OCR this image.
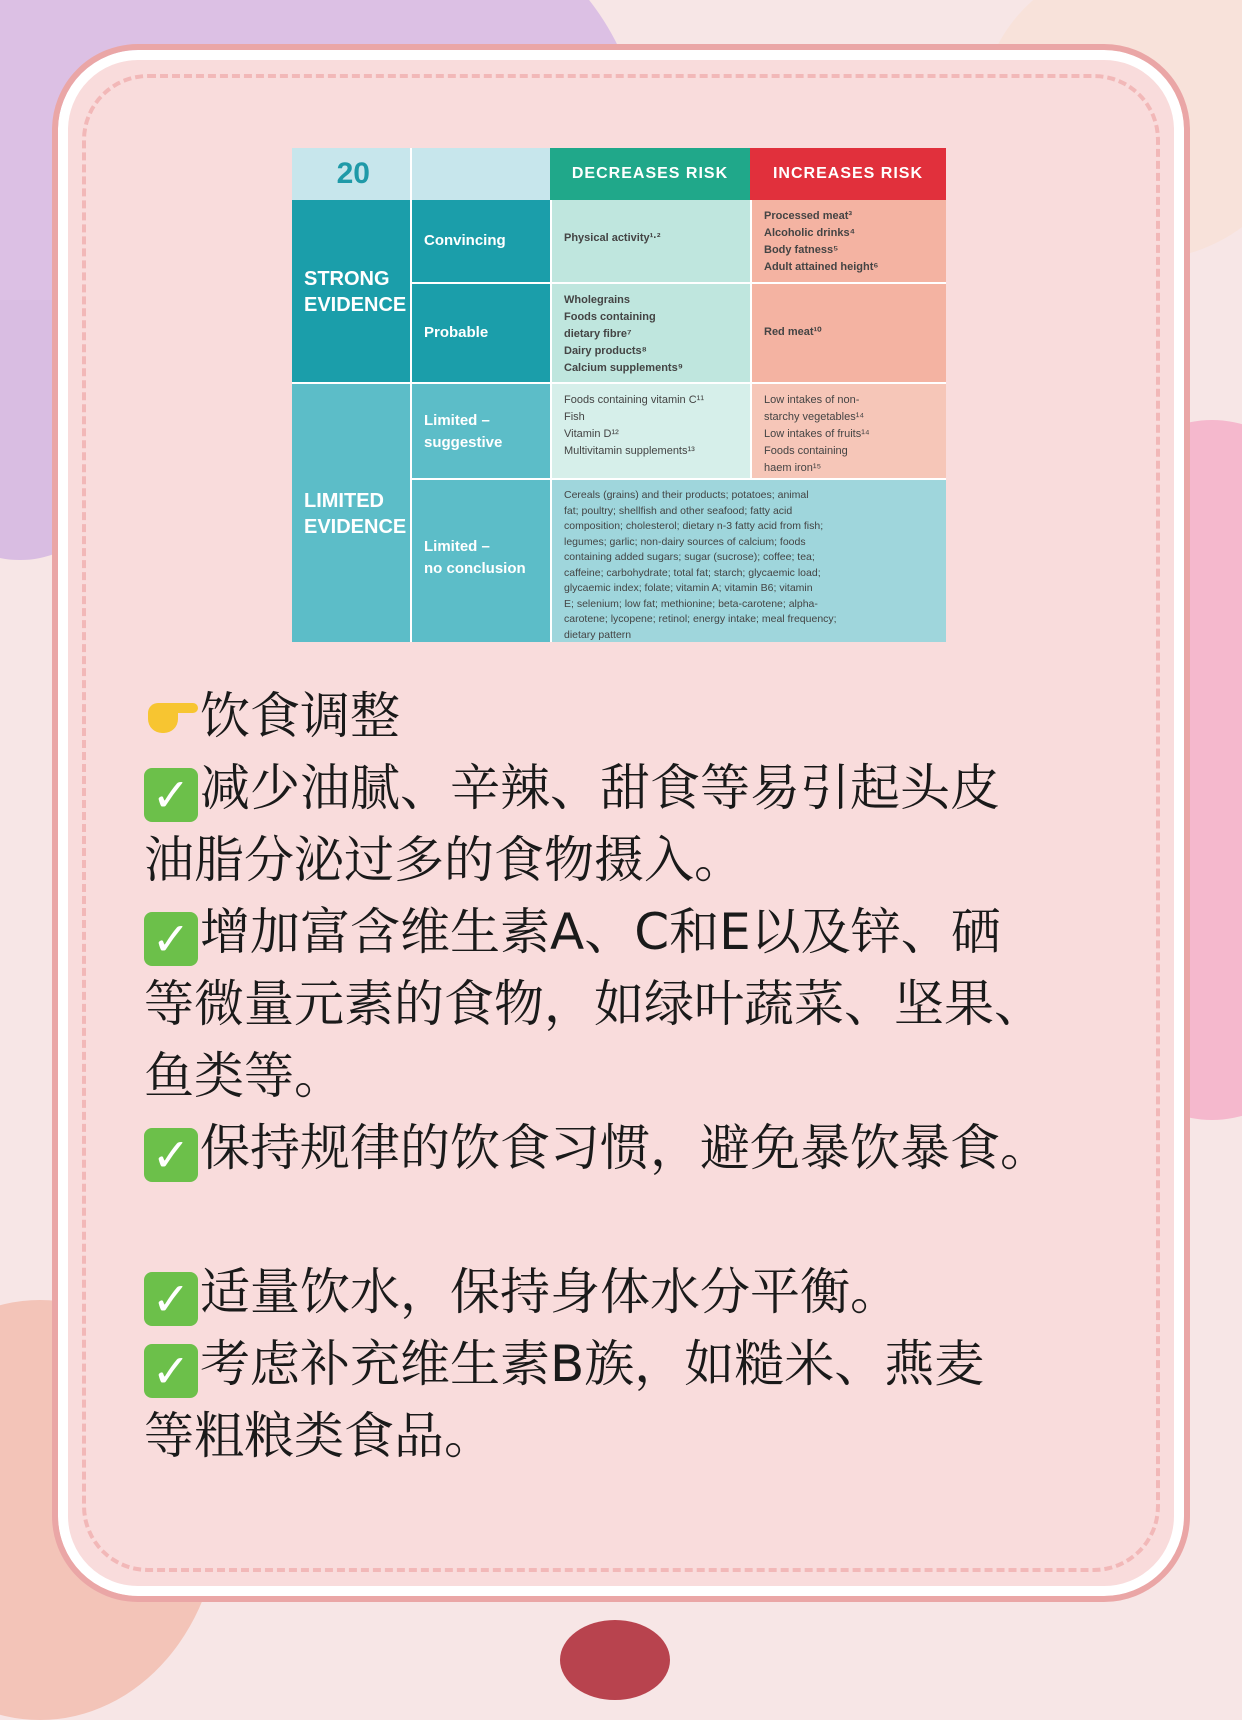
20	DECREASES RISK	INCREASES RISK
STRONG
EVIDENCE
LIMITED
EVIDENCE
Convincing
Probable
Limited –
suggestive
Limited –
no conclusion
Physical activity¹·²
Processed meat³
Alcoholic drinks⁴
Body fatness⁵
Adult attained height⁶
Wholegrains
Foods containing
dietary fibre⁷
Dairy products⁸
Calcium supplements⁹
Red meat¹⁰
Foods containing vitamin C¹¹
Fish
Vitamin D¹²
Multivitamin supplements¹³
Low intakes of non-
starchy vegetables¹⁴
Low intakes of fruits¹⁴
Foods containing
haem iron¹⁵
Cereals (grains) and their products; potatoes; animal
fat; poultry; shellfish and other seafood; fatty acid
composition; cholesterol; dietary n-3 fatty acid from fish;
legumes; garlic; non-dairy sources of calcium; foods
containing added sugars; sugar (sucrose); coffee; tea;
caffeine; carbohydrate; total fat; starch; glycaemic load;
glycaemic index; folate; vitamin A; vitamin B6; vitamin
E; selenium; low fat; methionine; beta-carotene; alpha-
carotene; lycopene; retinol; energy intake; meal frequency;
dietary pattern
饮食调整
✓ 减少油腻、辛辣、甜食等易引起头皮
油脂分泌过多的食物摄入。
✓ 增加富含维生素A、C和E以及锌、硒
等微量元素的食物，如绿叶蔬菜、坚果、
鱼类等。
✓ 保持规律的饮食习惯，避免暴饮暴食。
✓ 适量饮水，保持身体水分平衡。
✓ 考虑补充维生素B族，如糙米、燕麦
等粗粮类食品。
